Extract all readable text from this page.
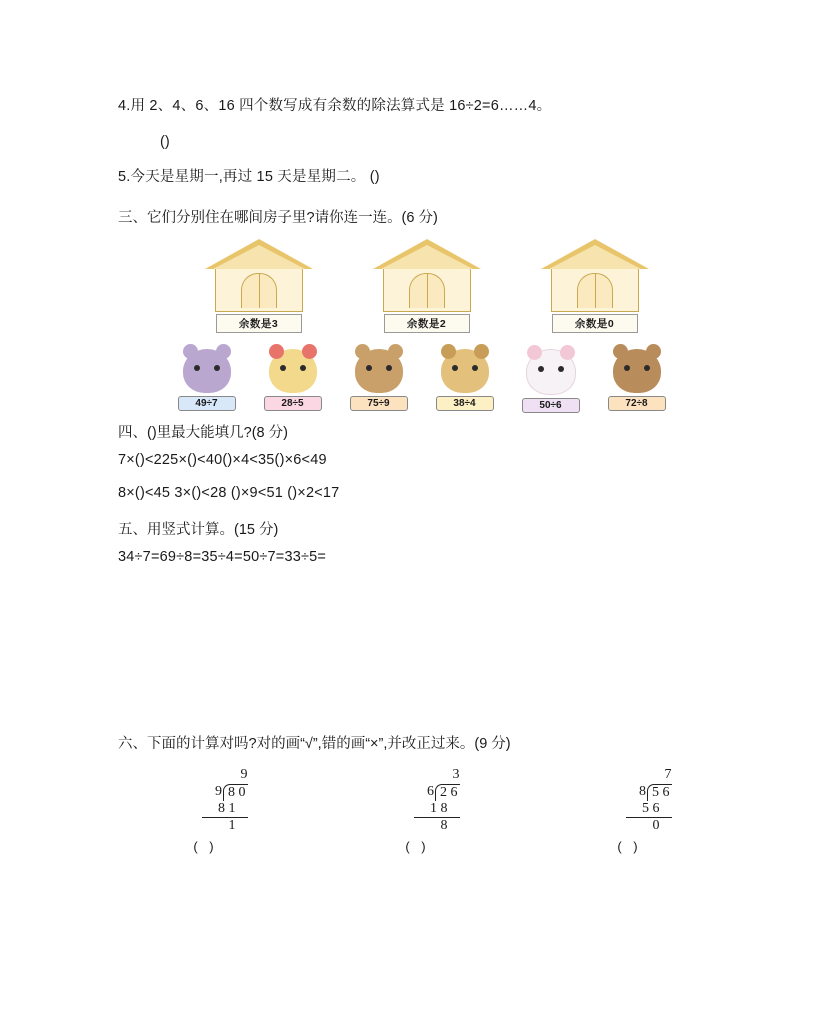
4.用 2、4、6、16 四个数写成有余数的除法算式是 16÷2=6……4。

()

5.今天是星期一,再过 15 天是星期二。 ()

三、它们分别住在哪间房子里?请你连一连。(6 分)

余数是3	余数是2	余数是0
49÷7	28÷5	75÷9	38÷4	50÷6	72÷8

四、()里最大能填几?(8 分)

7×()<225×()<40()×4<35()×6<49

8×()<45 3×()<28 ()×9<51 ()×2<17

五、用竖式计算。(15 分)

34÷7=69÷8=35÷4=50÷7=33÷5=

六、下面的计算对吗?对的画“√”,错的画“×”,并改正过来。(9 分)

9
9 8 0
8 1
1
( )
3
6 2 6
1 8
8
( )
7
8 5 6
5 6
0
( )
